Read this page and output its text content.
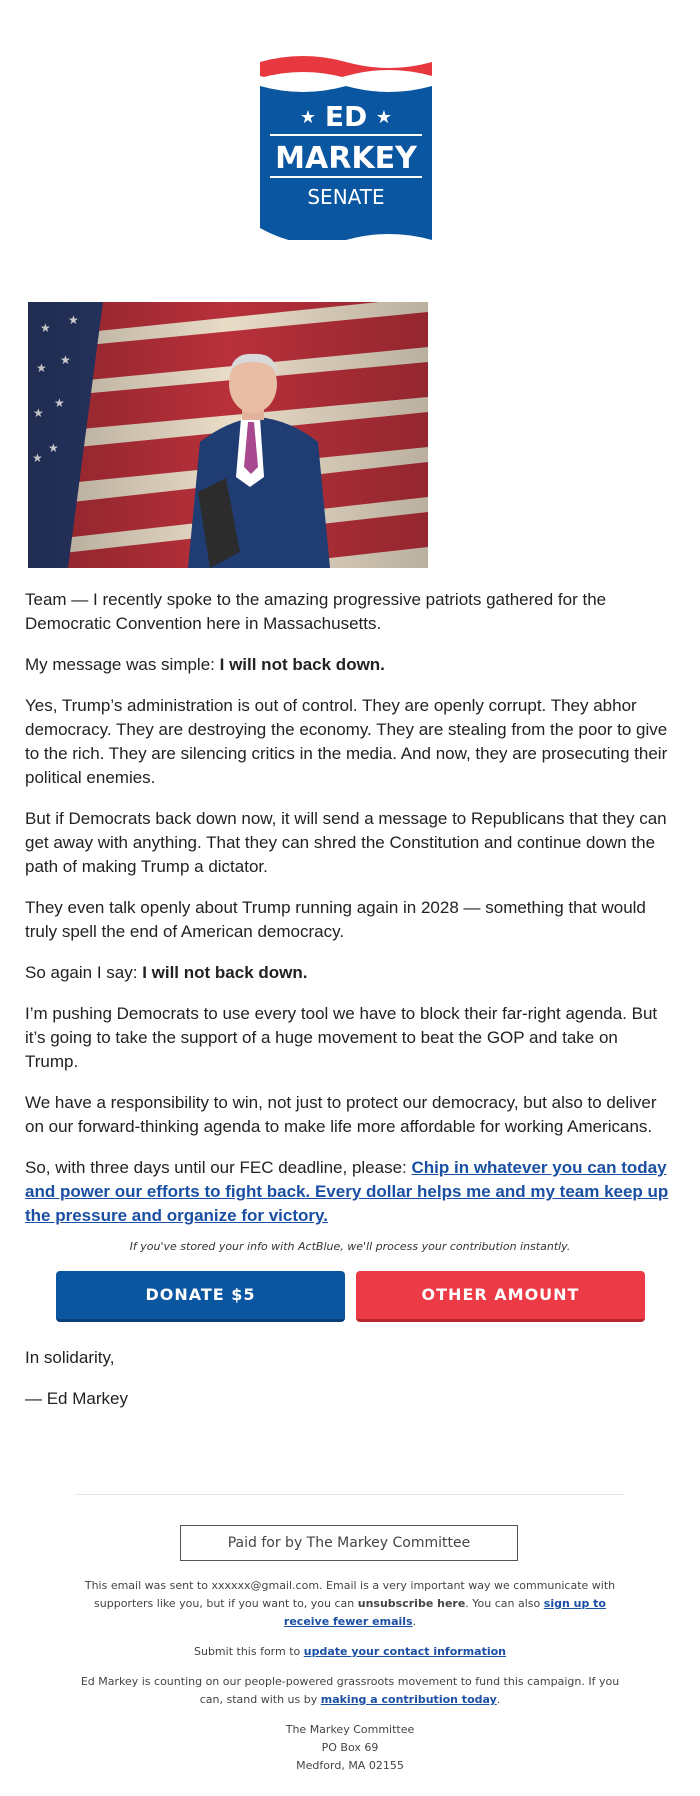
ED
★	★
MARKEY
SENATE

Team — I recently spoke to the amazing progressive patriots gathered for the Democratic Convention here in Massachusetts.

My message was simple: I will not back down.

Yes, Trump’s administration is out of control. They are openly corrupt. They abhor democracy. They are destroying the economy. They are stealing from the poor to give to the rich. They are silencing critics in the media. And now, they are prosecuting their political enemies.

But if Democrats back down now, it will send a message to Republicans that they can get away with anything. That they can shred the Constitution and continue down the path of making Trump a dictator.

They even talk openly about Trump running again in 2028 — something that would truly spell the end of American democracy.

So again I say: I will not back down.

I’m pushing Democrats to use every tool we have to block their far-right agenda. But it’s going to take the support of a huge movement to beat the GOP and take on Trump.

We have a responsibility to win, not just to protect our democracy, but also to deliver on our forward-thinking agenda to make life more affordable for working Americans.

So, with three days until our FEC deadline, please: Chip in whatever you can today and power our efforts to fight back. Every dollar helps me and my team keep up the pressure and organize for victory.

If you've stored your info with ActBlue, we'll process your contribution instantly.
DONATE $5	OTHER AMOUNT

In solidarity,

— Ed Markey

Paid for by The Markey Committee

This email was sent to xxxxxx@gmail.com. Email is a very important way we communicate with supporters like you, but if you want to, you can unsubscribe here. You can also sign up to receive fewer emails.

Submit this form to update your contact information

Ed Markey is counting on our people-powered grassroots movement to fund this campaign. If you can, stand with us by making a contribution today.

The Markey Committee
PO Box 69
Medford, MA 02155
